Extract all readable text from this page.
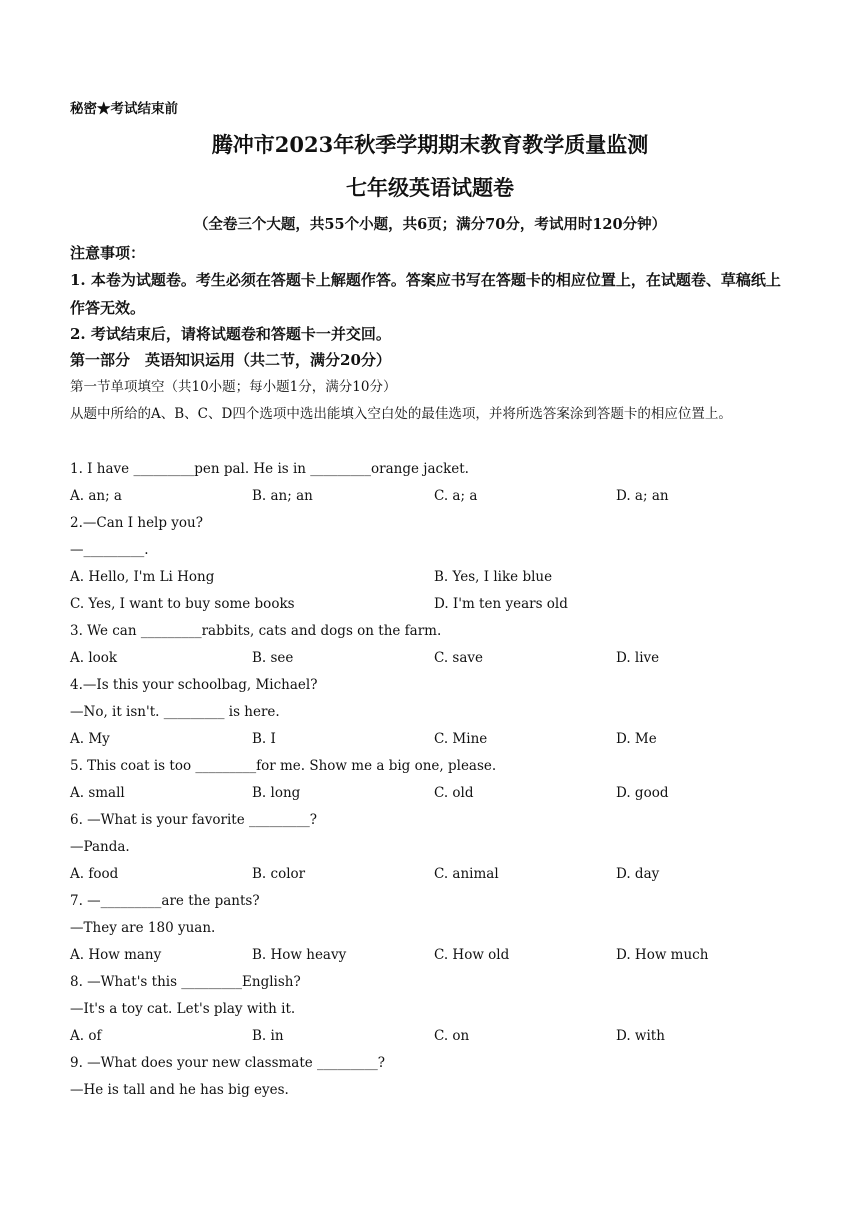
秘密★考试结束前
腾冲市2023年秋季学期期末教育教学质量监测
七年级英语试题卷
（全卷三个大题，共55个小题，共6页；满分70分，考试用时120分钟）
注意事项：
1. 本卷为试题卷。考生必须在答题卡上解题作答。答案应书写在答题卡的相应位置上，在试题卷、草稿纸上作答无效。
2. 考试结束后，请将试题卷和答题卡一并交回。
第一部分　英语知识运用（共二节，满分20分）
第一节单项填空（共10小题；每小题1分，满分10分）
从题中所给的A、B、C、D四个选项中选出能填入空白处的最佳选项，并将所选答案涂到答题卡的相应位置上。
1. I have _________pen pal. He is in _________orange jacket.
A. an; a	B. an; an	C. a; a	D. a; an
2.—Can I help you?
—_________.
A. Hello, I'm Li Hong	B. Yes, I like blue
C. Yes, I want to buy some books	D. I'm ten years old
3. We can _________rabbits, cats and dogs on the farm.
A. look	B. see	C. save	D. live
4.—Is this your schoolbag, Michael?
—No, it isn't. _________ is here.
A. My	B. I	C. Mine	D. Me
5. This coat is too _________for me. Show me a big one, please.
A. small	B. long	C. old	D. good
6. —What is your favorite _________?
—Panda.
A. food	B. color	C. animal	D. day
7. —_________are the pants?
—They are 180 yuan.
A. How many	B. How heavy	C. How old	D. How much
8. —What's this _________English?
—It's a toy cat. Let's play with it.
A. of	B. in	C. on	D. with
9. —What does your new classmate _________?
—He is tall and he has big eyes.
